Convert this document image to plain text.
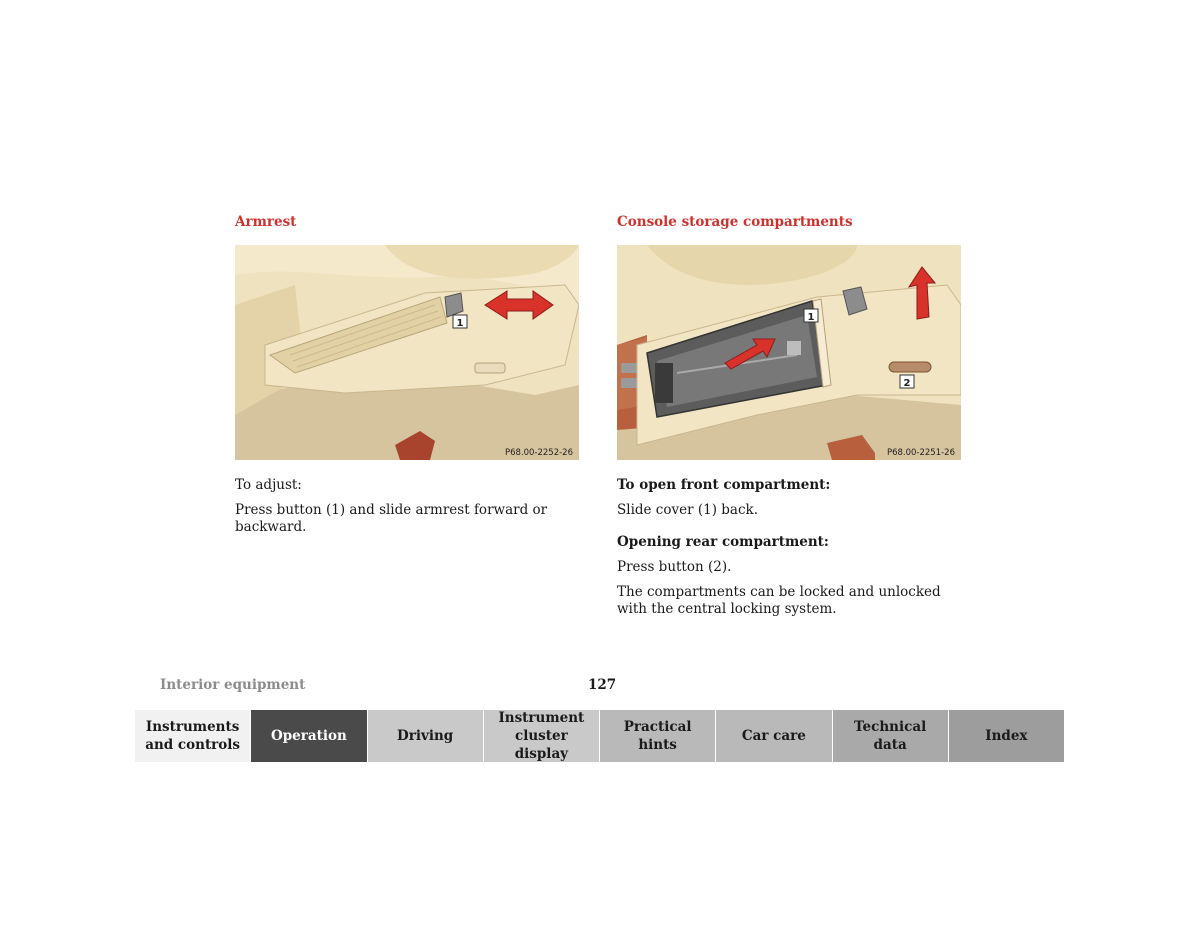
Armrest
1
P68.00-2252-26

To adjust:

Press button (1) and slide armrest forward or backward.

Console storage compartments
1
2
P68.00-2251-26

To open front compartment:

Slide cover (1) back.

Opening rear compartment:

Press button (2).

The compartments can be locked and unlocked with the central locking system.

Interior equipment	127
Instruments and controls
Operation	Driving
Instrument cluster display
Practical hints
Car care
Technical data
Index
